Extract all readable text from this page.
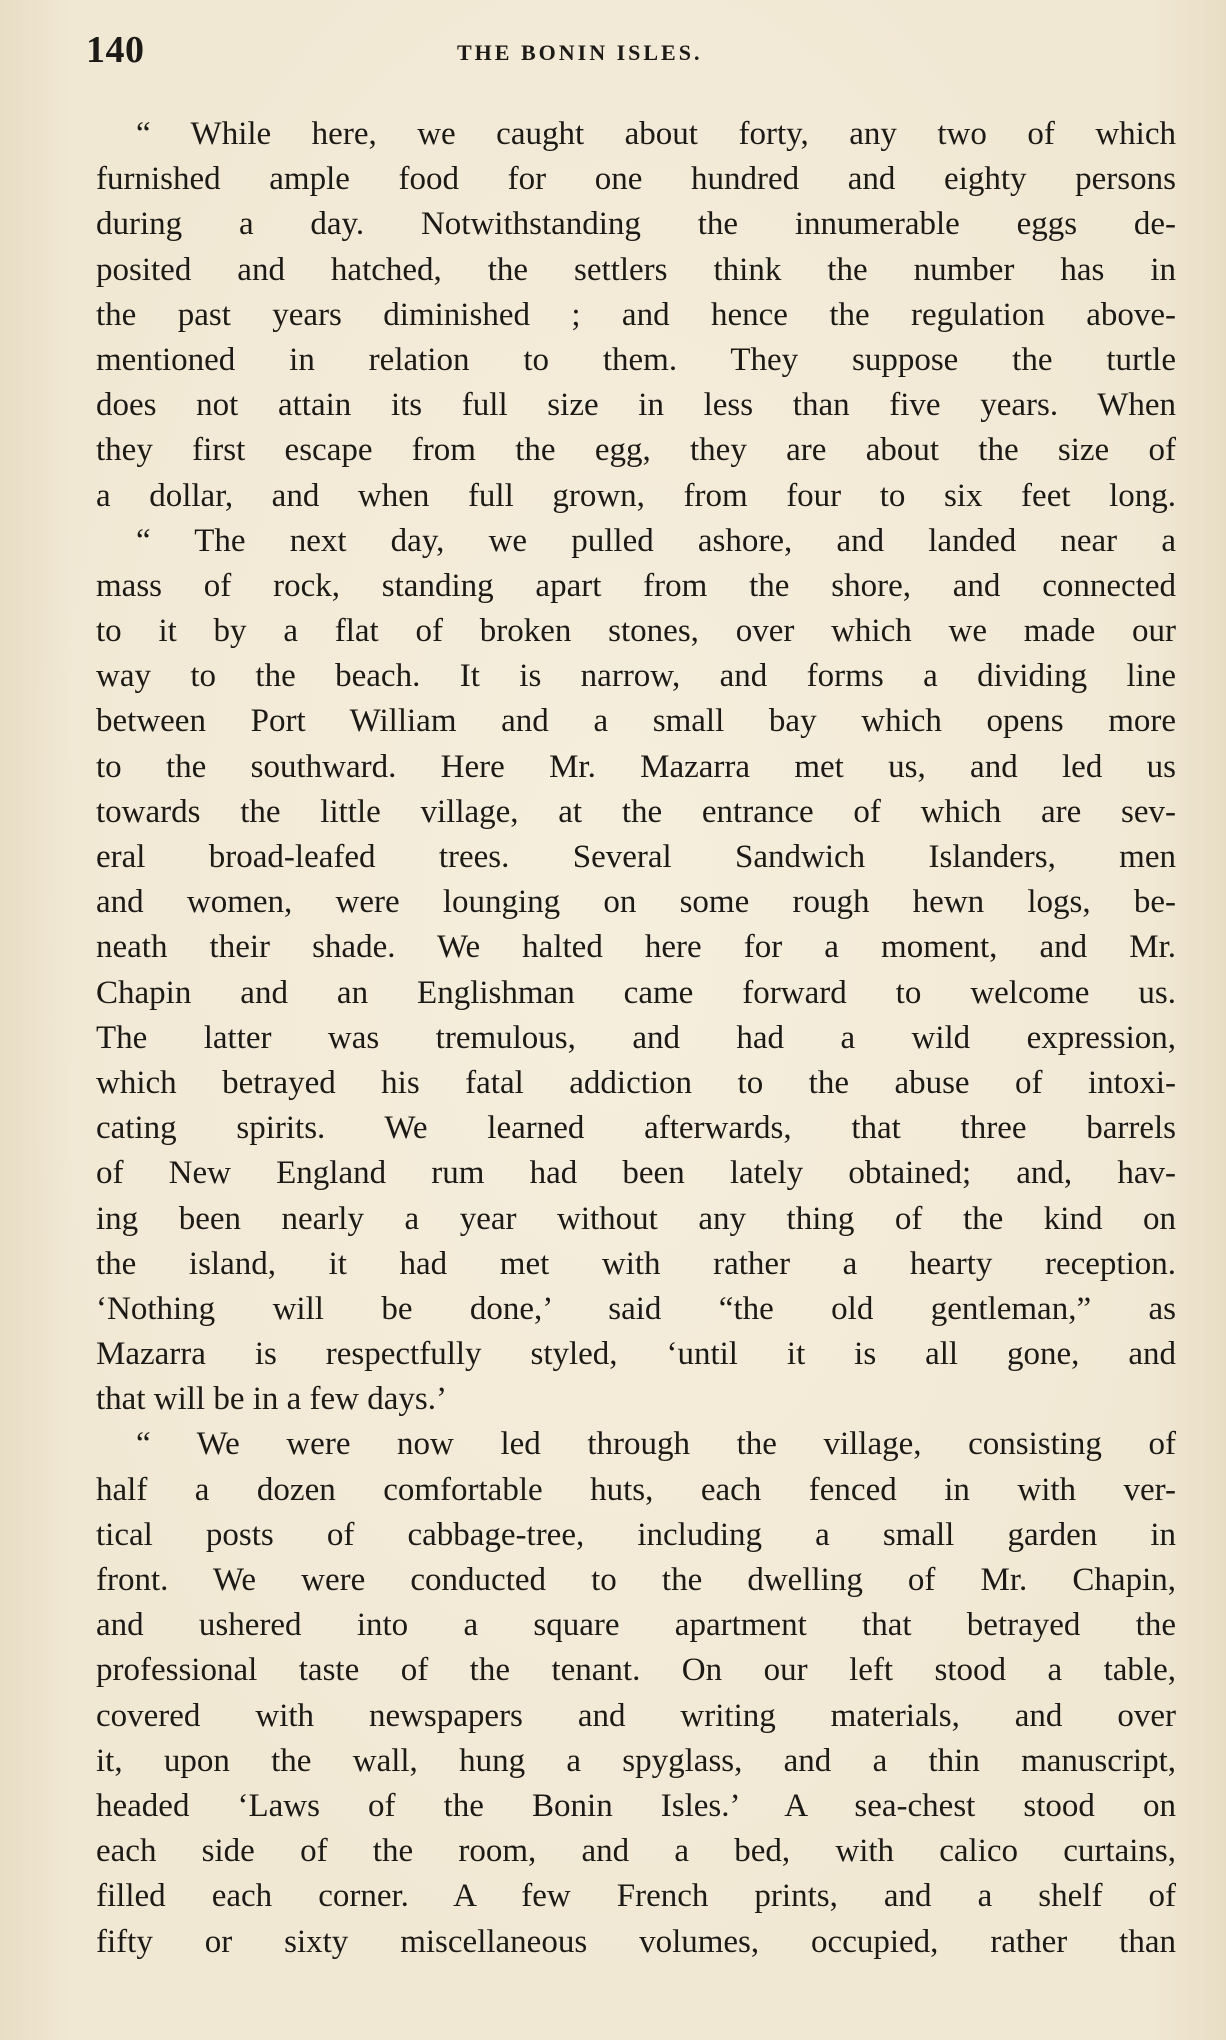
140	THE BONIN ISLES.
“ While here, we caught about forty, any two of which
furnished ample food for one hundred and eighty persons
during a day. Notwithstanding the innumerable eggs de-
posited and hatched, the settlers think the number has in
the past years diminished ; and hence the regulation above-
mentioned in relation to them. They suppose the turtle
does not attain its full size in less than five years. When
they first escape from the egg, they are about the size of
a dollar, and when full grown, from four to six feet long.
“ The next day, we pulled ashore, and landed near a
mass of rock, standing apart from the shore, and connected
to it by a flat of broken stones, over which we made our
way to the beach. It is narrow, and forms a dividing line
between Port William and a small bay which opens more
to the southward. Here Mr. Mazarra met us, and led us
towards the little village, at the entrance of which are sev-
eral broad-leafed trees. Several Sandwich Islanders, men
and women, were lounging on some rough hewn logs, be-
neath their shade. We halted here for a moment, and Mr.
Chapin and an Englishman came forward to welcome us.
The latter was tremulous, and had a wild expression,
which betrayed his fatal addiction to the abuse of intoxi-
cating spirits. We learned afterwards, that three barrels
of New England rum had been lately obtained; and, hav-
ing been nearly a year without any thing of the kind on
the island, it had met with rather a hearty reception.
‘Nothing will be done,’ said “the old gentleman,” as
Mazarra is respectfully styled, ‘until it is all gone, and
that will be in a few days.’
“ We were now led through the village, consisting of
half a dozen comfortable huts, each fenced in with ver-
tical posts of cabbage-tree, including a small garden in
front. We were conducted to the dwelling of Mr. Chapin,
and ushered into a square apartment that betrayed the
professional taste of the tenant. On our left stood a table,
covered with newspapers and writing materials, and over
it, upon the wall, hung a spyglass, and a thin manuscript,
headed ‘Laws of the Bonin Isles.’ A sea-chest stood on
each side of the room, and a bed, with calico curtains,
filled each corner. A few French prints, and a shelf of
fifty or sixty miscellaneous volumes, occupied, rather than
